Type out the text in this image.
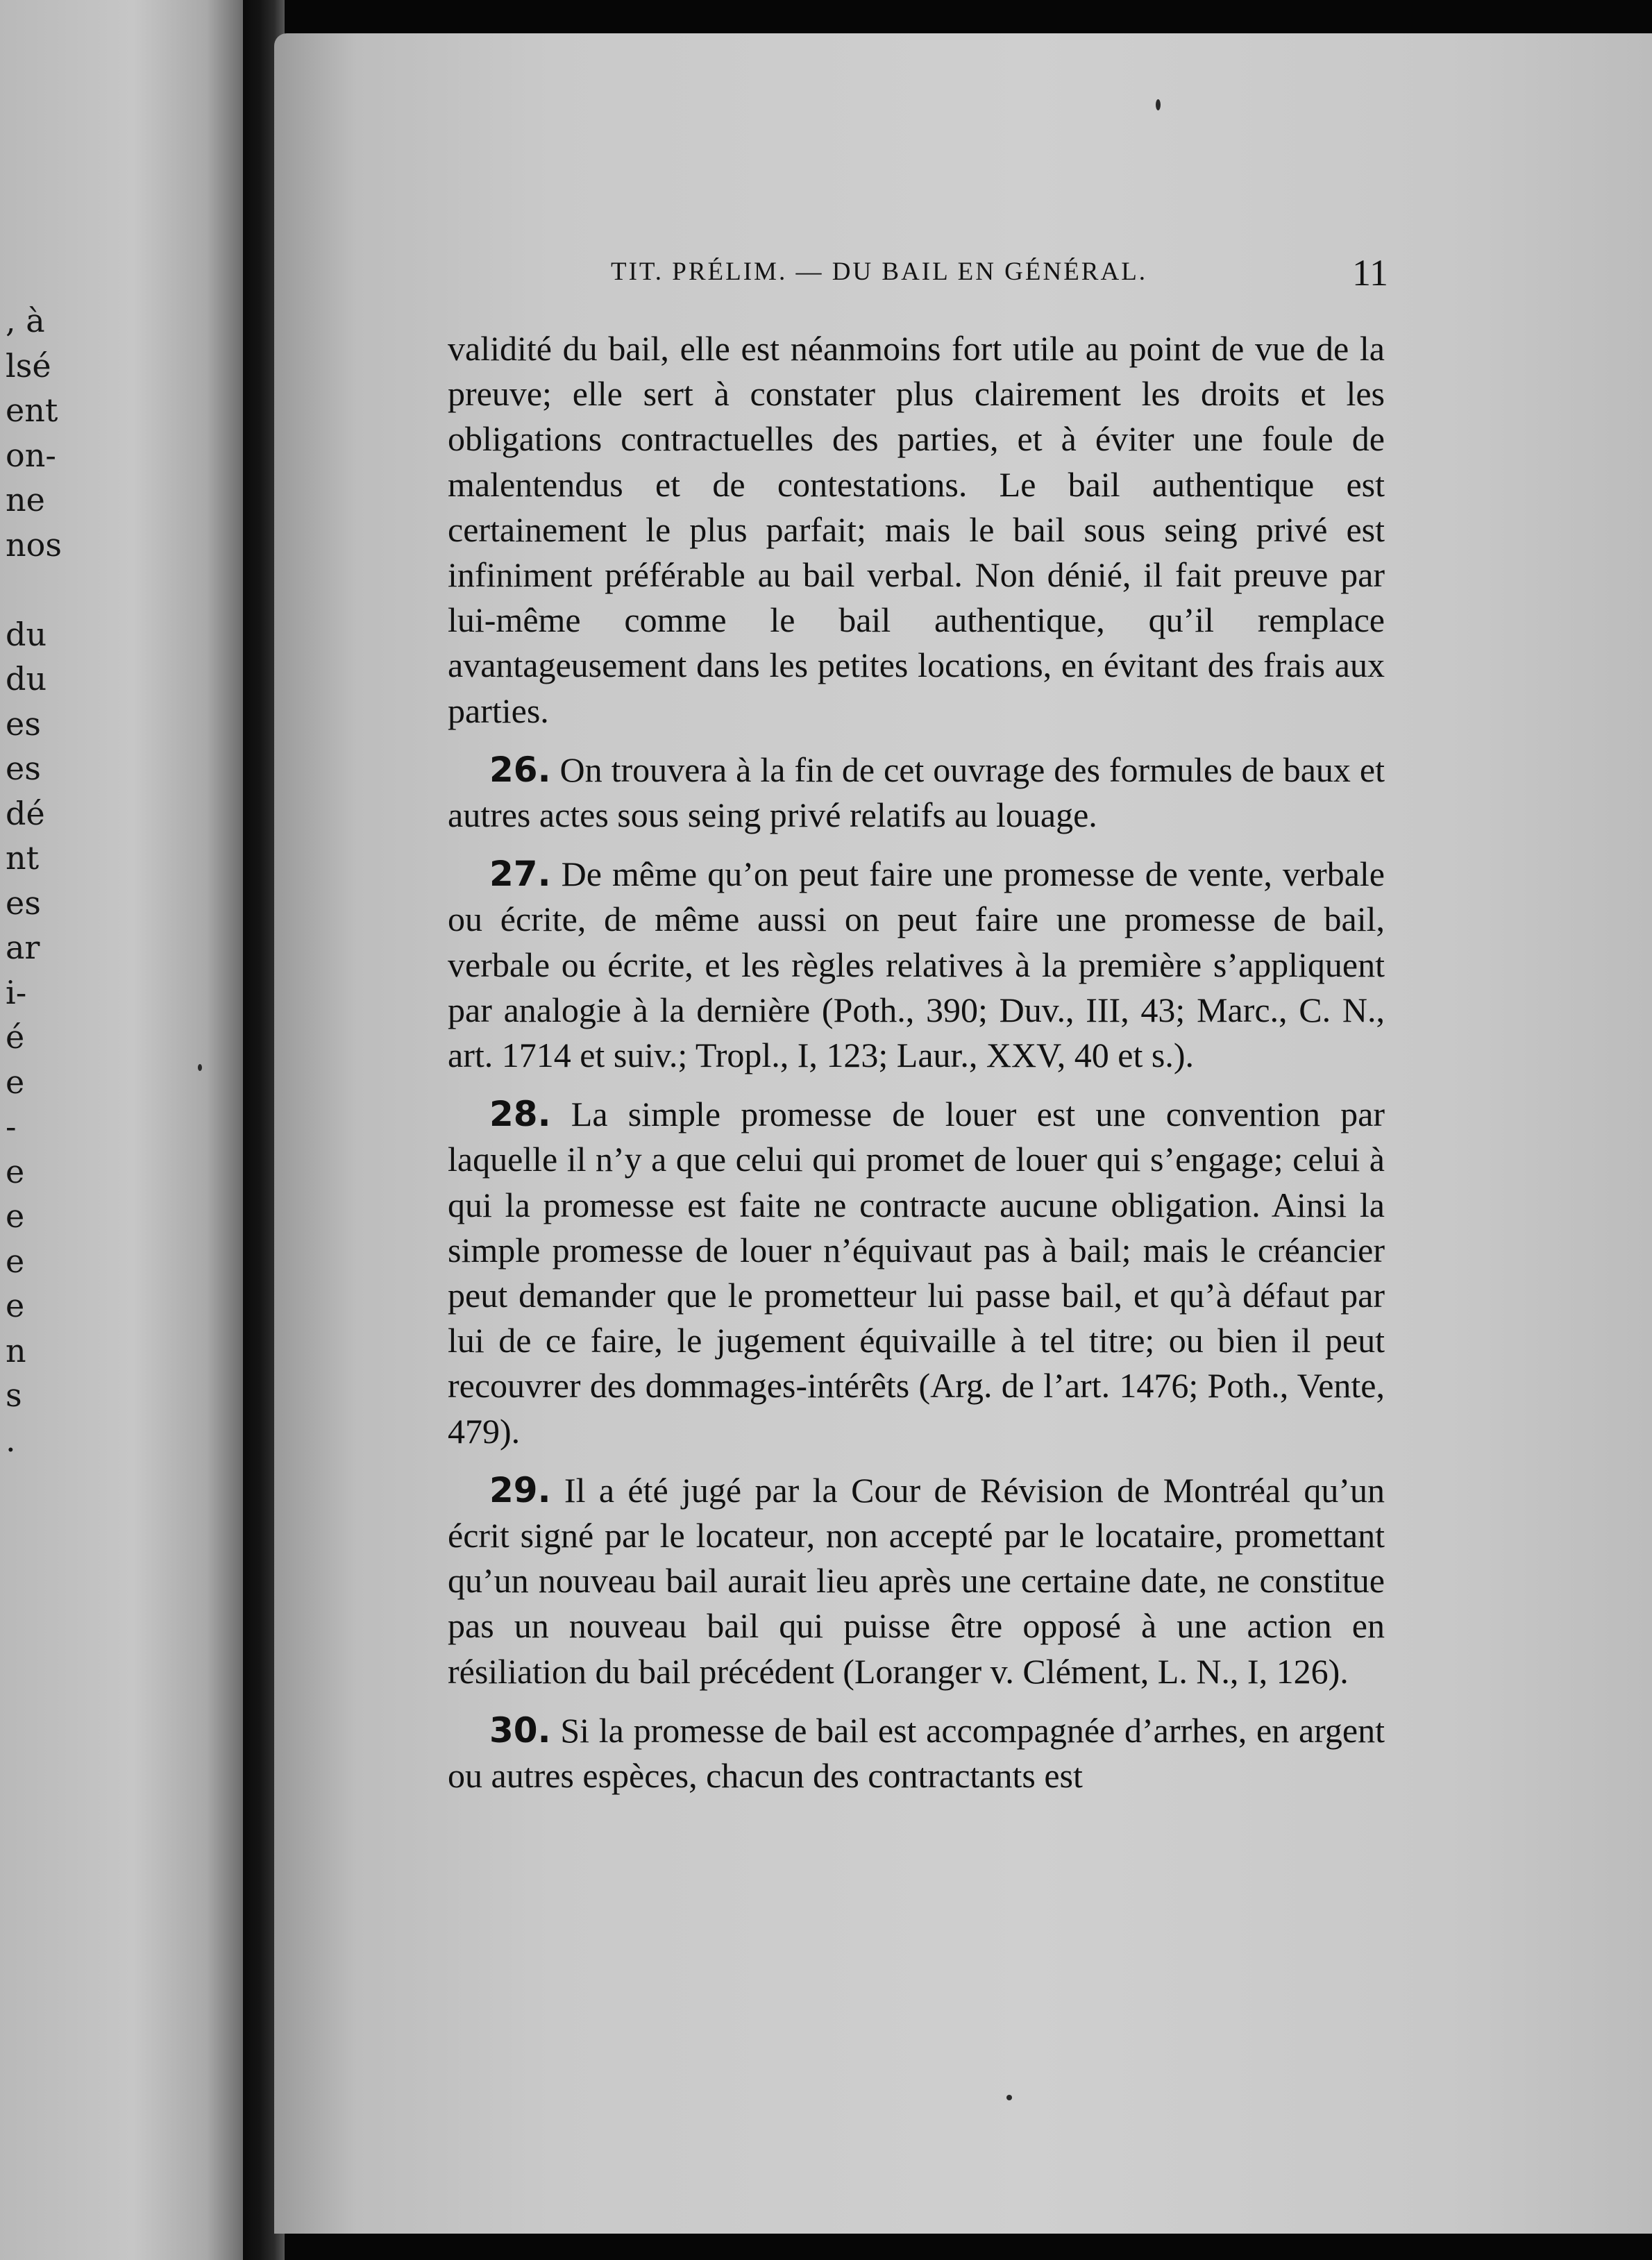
, à
lsé
ent
on-
ne
nos
du
du
es
es
dé
nt
es
ar
i-
é
e
-
e
e
e
e
n
s
.
TIT. PRÉLIM. — DU BAIL EN GÉNÉRAL.	11

validité du bail, elle est néanmoins fort utile au point de vue de la preuve; elle sert à constater plus clairement les droits et les obligations contractuelles des parties, et à éviter une foule de malentendus et de contestations. Le bail authentique est certainement le plus parfait; mais le bail sous seing privé est infiniment préférable au bail verbal. Non dénié, il fait preuve par lui-même comme le bail authentique, qu’il remplace avantageusement dans les petites locations, en évitant des frais aux parties.

26. On trouvera à la fin de cet ouvrage des formules de baux et autres actes sous seing privé relatifs au louage.

27. De même qu’on peut faire une promesse de vente, verbale ou écrite, de même aussi on peut faire une promesse de bail, verbale ou écrite, et les règles relatives à la première s’appliquent par analogie à la dernière (Poth., 390; Duv., III, 43; Marc., C. N., art. 1714 et suiv.; Tropl., I, 123; Laur., XXV, 40 et s.).

28. La simple promesse de louer est une convention par laquelle il n’y a que celui qui promet de louer qui s’engage; celui à qui la promesse est faite ne contracte aucune obligation. Ainsi la simple promesse de louer n’équivaut pas à bail; mais le créancier peut demander que le prometteur lui passe bail, et qu’à défaut par lui de ce faire, le jugement équivaille à tel titre; ou bien il peut recouvrer des dommages-intérêts (Arg. de l’art. 1476; Poth., Vente, 479).

29. Il a été jugé par la Cour de Révision de Montréal qu’un écrit signé par le locateur, non accepté par le locataire, promettant qu’un nouveau bail aurait lieu après une certaine date, ne constitue pas un nouveau bail qui puisse être opposé à une action en résiliation du bail précédent (Loranger v. Clément, L. N., I, 126).

30. Si la promesse de bail est accompagnée d’arrhes, en argent ou autres espèces, chacun des contractants est
